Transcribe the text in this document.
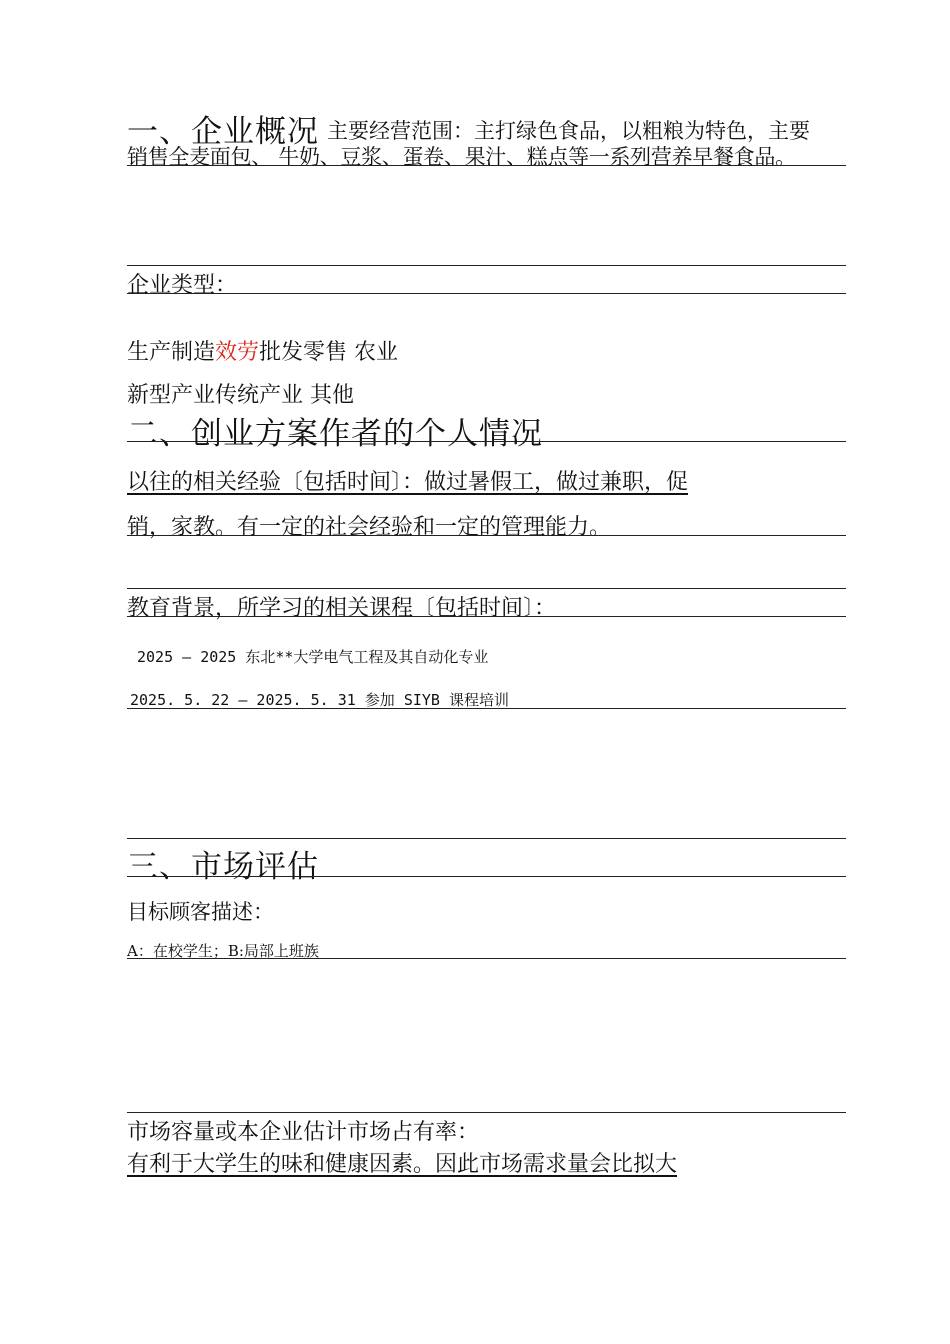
一、企业概况 主要经营范围：主打绿色食品，以粗粮为特色，主要
销售全麦面包、 牛奶、豆浆、蛋卷、果汁、糕点等一系列营养早餐食品。
企业类型：
生产制造效劳批发零售 农业
新型产业传统产业 其他
二、创业方案作者的个人情况
以往的相关经验〔包括时间〕：做过暑假工，做过兼职，促
销，家教。有一定的社会经验和一定的管理能力。
教育背景，所学习的相关课程〔包括时间〕：
2025 — 2025 东北**大学电气工程及其自动化专业
2025. 5. 22 — 2025. 5. 31 参加 SIYB 课程培训
三、市场评估
目标顾客描述：
A：在校学生；B:局部上班族
市场容量或本企业估计市场占有率：
有利于大学生的味和健康因素。因此市场需求量会比拟大
